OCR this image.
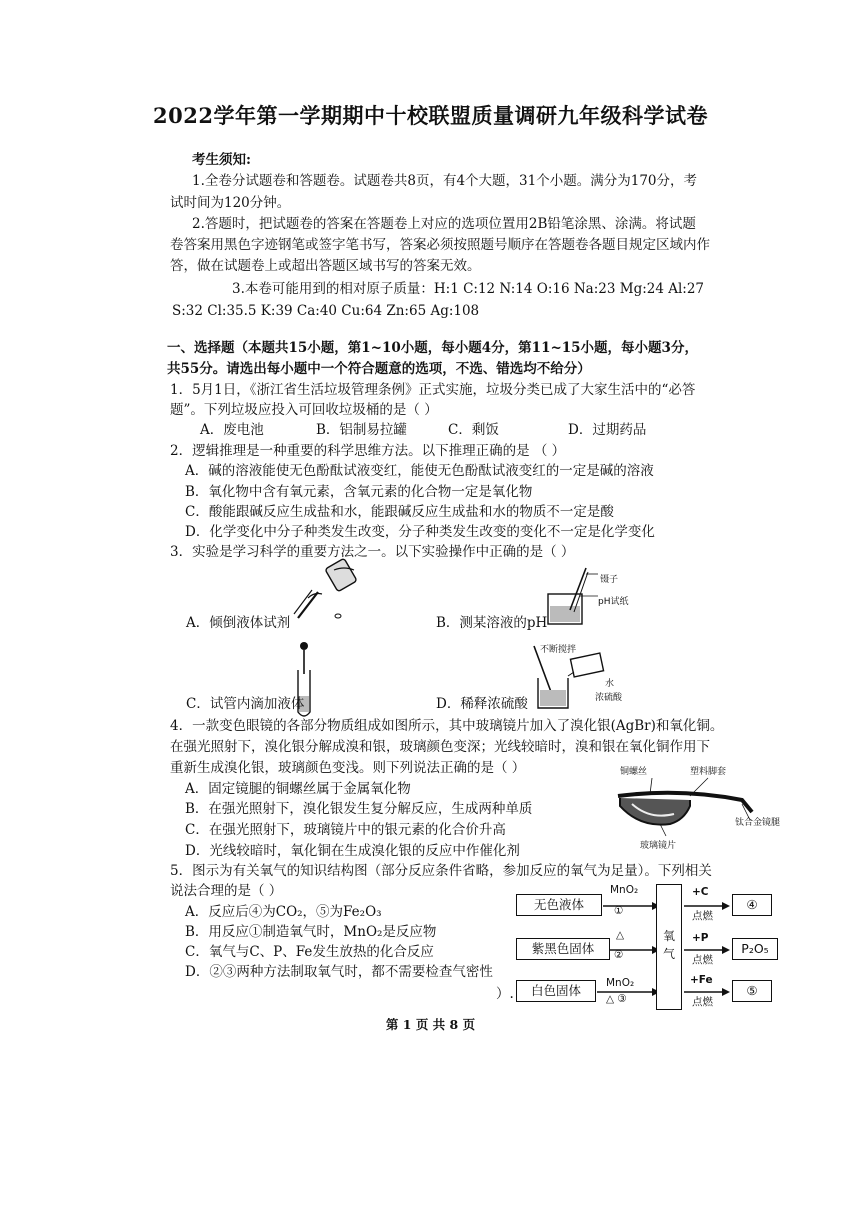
2022学年第一学期期中十校联盟质量调研九年级科学试卷
考生须知:
1.全卷分试题卷和答题卷。试题卷共8页，有4个大题，31个小题。满分为170分，考
试时间为120分钟。
2.答题时，把试题卷的答案在答题卷上对应的选项位置用2B铅笔涂黑、涂满。将试题
卷答案用黑色字迹钢笔或签字笔书写，答案必须按照题号顺序在答题卷各题目规定区域内作
答，做在试题卷上或超出答题区域书写的答案无效。
3.本卷可能用到的相对原子质量：H:1 C:12 N:14 O:16 Na:23 Mg:24 Al:27
S:32 Cl:35.5 K:39 Ca:40 Cu:64 Zn:65 Ag:108
一、选择题（本题共15小题，第1~10小题，每小题4分，第11~15小题，每小题3分，
共55分。请选出每小题中一个符合题意的选项，不选、错选均不给分）
1．5月1日，《浙江省生活垃圾管理条例》正式实施，垃圾分类已成了大家生活中的“必答
题”。下列垃圾应投入可回收垃圾桶的是（ ）
A．废电池	B．铝制易拉罐	C．剩饭	D．过期药品
2．逻辑推理是一种重要的科学思维方法。以下推理正确的是 （ ）
A．碱的溶液能使无色酚酞试液变红，能使无色酚酞试液变红的一定是碱的溶液
B．氧化物中含有氧元素，含氧元素的化合物一定是氧化物
C．酸能跟碱反应生成盐和水，能跟碱反应生成盐和水的物质不一定是酸
D．化学变化中分子种类发生改变，分子种类发生改变的变化不一定是化学变化
3．实验是学习科学的重要方法之一。以下实验操作中正确的是（ ）
A．倾倒液体试剂
镊子
pH试纸
B．测某溶液的pH
C．试管内滴加液体
不断搅拌
水
浓硫酸
D．稀释浓硫酸
4．一款变色眼镜的各部分物质组成如图所示，其中玻璃镜片加入了溴化银(AgBr)和氧化铜。
在强光照射下，溴化银分解成溴和银，玻璃颜色变深；光线较暗时，溴和银在氧化铜作用下
重新生成溴化银，玻璃颜色变浅。则下列说法正确的是（ ）
A．固定镜腿的铜螺丝属于金属氧化物
B．在强光照射下，溴化银发生复分解反应，生成两种单质
C．在强光照射下，玻璃镜片中的银元素的化合价升高
D．光线较暗时，氧化铜在生成溴化银的反应中作催化剂
铜螺丝	塑料脚套
钛合金镜腿
玻璃镜片
5．图示为有关氧气的知识结构图（部分反应条件省略，参加反应的氧气为足量）。下列相关
说法合理的是（ ）
A．反应后④为CO₂，⑤为Fe₂O₃
B．用反应①制造氧气时，MnO₂是反应物
C．氧气与C、P、Fe发生放热的化合反应
D．②③两种方法制取氧气时，都不需要检查气密性
）.
无色液体
紫黑色固体
白色固体
氧气
MnO₂
①
△
②
MnO₂
△ ③
+C
点燃
+P
点燃
+Fe
点燃
④
P₂O₅
⑤
第 1 页 共 8 页
